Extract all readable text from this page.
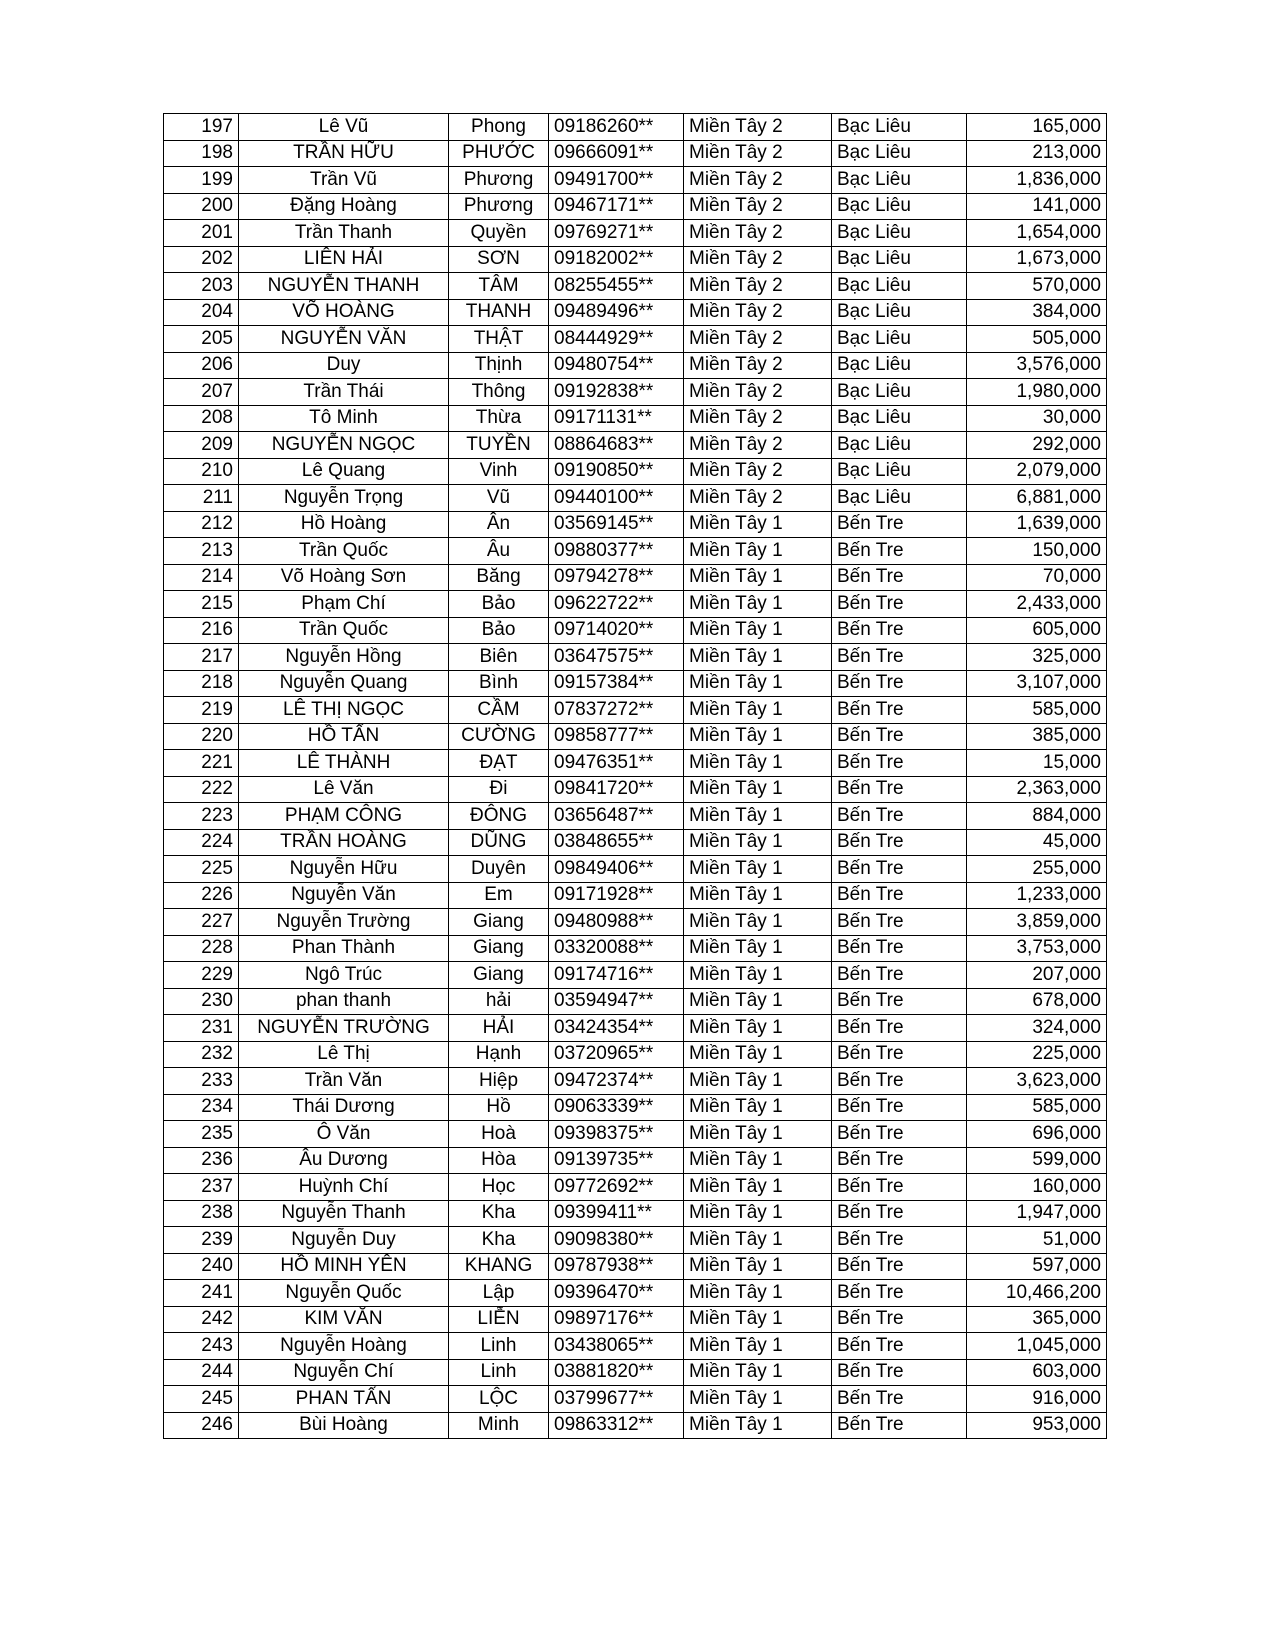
197	Lê Vũ	Phong	09186260**	Miền Tây 2	Bạc Liêu	165,000
198	TRẦN HỮU	PHƯỚC	09666091**	Miền Tây 2	Bạc Liêu	213,000
199	Trần Vũ	Phương	09491700**	Miền Tây 2	Bạc Liêu	1,836,000
200	Đặng Hoàng	Phương	09467171**	Miền Tây 2	Bạc Liêu	141,000
201	Trần Thanh	Quyền	09769271**	Miền Tây 2	Bạc Liêu	1,654,000
202	LIÊN HẢI	SƠN	09182002**	Miền Tây 2	Bạc Liêu	1,673,000
203	NGUYỄN THANH	TÂM	08255455**	Miền Tây 2	Bạc Liêu	570,000
204	VÕ HOÀNG	THANH	09489496**	Miền Tây 2	Bạc Liêu	384,000
205	NGUYỄN VĂN	THẬT	08444929**	Miền Tây 2	Bạc Liêu	505,000
206	Duy	Thịnh	09480754**	Miền Tây 2	Bạc Liêu	3,576,000
207	Trần Thái	Thông	09192838**	Miền Tây 2	Bạc Liêu	1,980,000
208	Tô Minh	Thừa	09171131**	Miền Tây 2	Bạc Liêu	30,000
209	NGUYỄN NGỌC	TUYỀN	08864683**	Miền Tây 2	Bạc Liêu	292,000
210	Lê Quang	Vinh	09190850**	Miền Tây 2	Bạc Liêu	2,079,000
211	Nguyễn Trọng	Vũ	09440100**	Miền Tây 2	Bạc Liêu	6,881,000
212	Hồ Hoàng	Ân	03569145**	Miền Tây 1	Bến Tre	1,639,000
213	Trần Quốc	Âu	09880377**	Miền Tây 1	Bến Tre	150,000
214	Võ Hoàng Sơn	Băng	09794278**	Miền Tây 1	Bến Tre	70,000
215	Phạm Chí	Bảo	09622722**	Miền Tây 1	Bến Tre	2,433,000
216	Trần Quốc	Bảo	09714020**	Miền Tây 1	Bến Tre	605,000
217	Nguyễn Hồng	Biên	03647575**	Miền Tây 1	Bến Tre	325,000
218	Nguyễn Quang	Bình	09157384**	Miền Tây 1	Bến Tre	3,107,000
219	LÊ THỊ NGỌC	CẦM	07837272**	Miền Tây 1	Bến Tre	585,000
220	HỒ TẤN	CƯỜNG	09858777**	Miền Tây 1	Bến Tre	385,000
221	LÊ THÀNH	ĐẠT	09476351**	Miền Tây 1	Bến Tre	15,000
222	Lê Văn	Đi	09841720**	Miền Tây 1	Bến Tre	2,363,000
223	PHẠM CÔNG	ĐÔNG	03656487**	Miền Tây 1	Bến Tre	884,000
224	TRẦN HOÀNG	DŨNG	03848655**	Miền Tây 1	Bến Tre	45,000
225	Nguyễn Hữu	Duyên	09849406**	Miền Tây 1	Bến Tre	255,000
226	Nguyễn Văn	Em	09171928**	Miền Tây 1	Bến Tre	1,233,000
227	Nguyễn Trường	Giang	09480988**	Miền Tây 1	Bến Tre	3,859,000
228	Phan Thành	Giang	03320088**	Miền Tây 1	Bến Tre	3,753,000
229	Ngô Trúc	Giang	09174716**	Miền Tây 1	Bến Tre	207,000
230	phan thanh	hải	03594947**	Miền Tây 1	Bến Tre	678,000
231	NGUYỄN TRƯỜNG	HẢI	03424354**	Miền Tây 1	Bến Tre	324,000
232	Lê Thị	Hạnh	03720965**	Miền Tây 1	Bến Tre	225,000
233	Trần Văn	Hiệp	09472374**	Miền Tây 1	Bến Tre	3,623,000
234	Thái Dương	Hồ	09063339**	Miền Tây 1	Bến Tre	585,000
235	Ô Văn	Hoà	09398375**	Miền Tây 1	Bến Tre	696,000
236	Âu Dương	Hòa	09139735**	Miền Tây 1	Bến Tre	599,000
237	Huỳnh Chí	Học	09772692**	Miền Tây 1	Bến Tre	160,000
238	Nguyễn Thanh	Kha	09399411**	Miền Tây 1	Bến Tre	1,947,000
239	Nguyễn Duy	Kha	09098380**	Miền Tây 1	Bến Tre	51,000
240	HỒ MINH YÊN	KHANG	09787938**	Miền Tây 1	Bến Tre	597,000
241	Nguyễn Quốc	Lập	09396470**	Miền Tây 1	Bến Tre	10,466,200
242	KIM VĂN	LIỄN	09897176**	Miền Tây 1	Bến Tre	365,000
243	Nguyễn Hoàng	Linh	03438065**	Miền Tây 1	Bến Tre	1,045,000
244	Nguyễn Chí	Linh	03881820**	Miền Tây 1	Bến Tre	603,000
245	PHAN TẤN	LỘC	03799677**	Miền Tây 1	Bến Tre	916,000
246	Bùi Hoàng	Minh	09863312**	Miền Tây 1	Bến Tre	953,000
